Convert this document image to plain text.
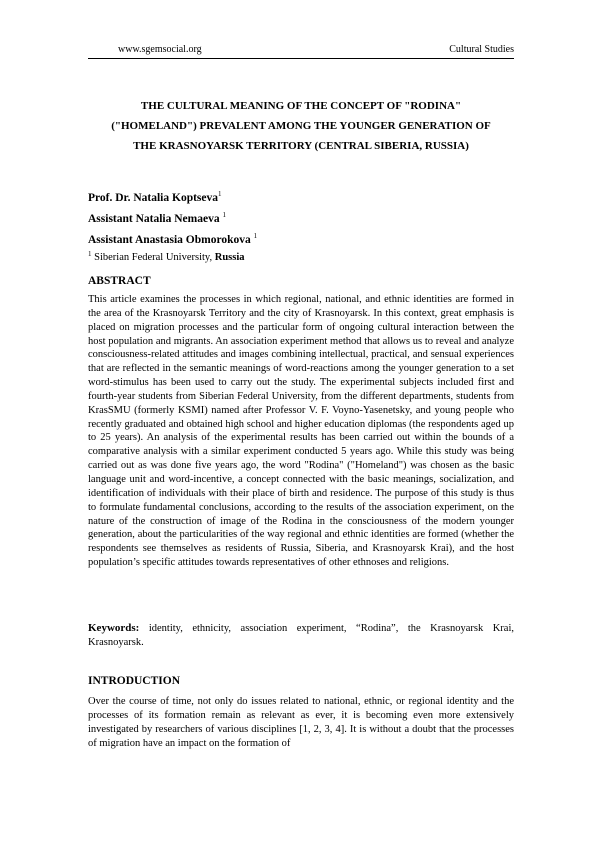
www.sgemsocial.org	Cultural Studies
THE CULTURAL MEANING OF THE CONCEPT OF "RODINA"
("HOMELAND") PREVALENT AMONG THE YOUNGER GENERATION OF
THE KRASNOYARSK TERRITORY (CENTRAL SIBERIA, RUSSIA)
Prof. Dr. Natalia Koptseva$^1$
Assistant Natalia Nemaeva $^1$
Assistant Anastasia Obmorokova $^1$
$^1$ Siberian Federal University, Russia
ABSTRACT

This article examines the processes in which regional, national, and ethnic identities are formed in the area of the Krasnoyarsk Territory and the city of Krasnoyarsk. In this context, great emphasis is placed on migration processes and the particular form of ongoing cultural interaction between the host population and migrants. An association experiment method that allows us to reveal and analyze consciousness-related attitudes and images combining intellectual, practical, and sensual experiences that are reflected in the semantic meanings of word-reactions among the younger generation to a set word-stimulus has been used to carry out the study. The experimental subjects included first and fourth-year students from Siberian Federal University, from the different departments, students from KrasSMU (formerly KSMI) named after Professor V. F. Voyno-Yasenetsky, and young people who recently graduated and obtained high school and higher education diplomas (the respondents aged up to 25 years). An analysis of the experimental results has been carried out within the bounds of a comparative analysis with a similar experiment conducted 5 years ago. While this study was being carried out as was done five years ago, the word "Rodina" ("Homeland") was chosen as the basic language unit and word-incentive, a concept connected with the basic meanings, socialization, and identification of individuals with their place of birth and residence. The purpose of this study is thus to formulate fundamental conclusions, according to the results of the association experiment, on the nature of the construction of image of the Rodina in the consciousness of the modern younger generation, about the particularities of the way regional and ethnic identities are formed (whether the respondents see themselves as residents of Russia, Siberia, and Krasnoyarsk Krai), and the host population’s specific attitudes towards representatives of other ethnoses and religions.

Keywords: identity, ethnicity, association experiment, “Rodina”, the Krasnoyarsk Krai, Krasnoyarsk.

INTRODUCTION

Over the course of time, not only do issues related to national, ethnic, or regional identity and the processes of its formation remain as relevant as ever, it is becoming even more extensively investigated by researchers of various disciplines [1, 2, 3, 4]. It is without a doubt that the processes of migration have an impact on the formation of
